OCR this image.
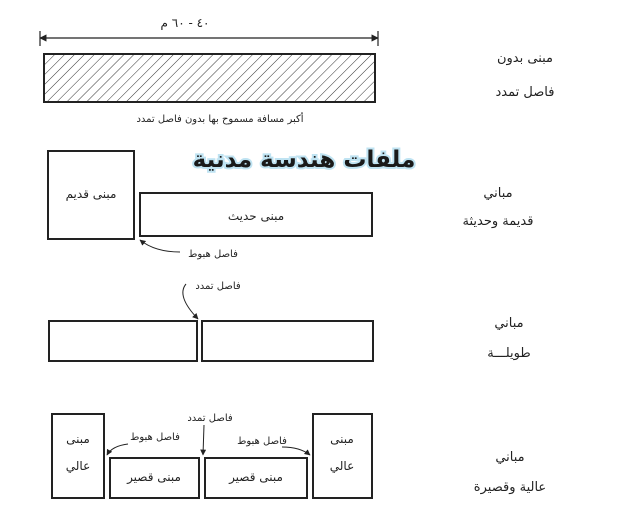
٤٠ - ٦٠ م
أكبر مسافة مسموح بها بدون فاصل تمدد
مبنى بدون
فاصل تمدد
ملفات هندسة مدنية
مبنى قديم
مبنى حديث
فاصل هبوط
مباني
قديمة وحديثة
فاصل تمدد
مباني
طويلـــة
مبنى
عالي
مبنى قصير	مبنى قصير
مبنى
عالي
فاصل تمدد
فاصل هبوط	فاصل هبوط
مباني
عالية وقصيرة
